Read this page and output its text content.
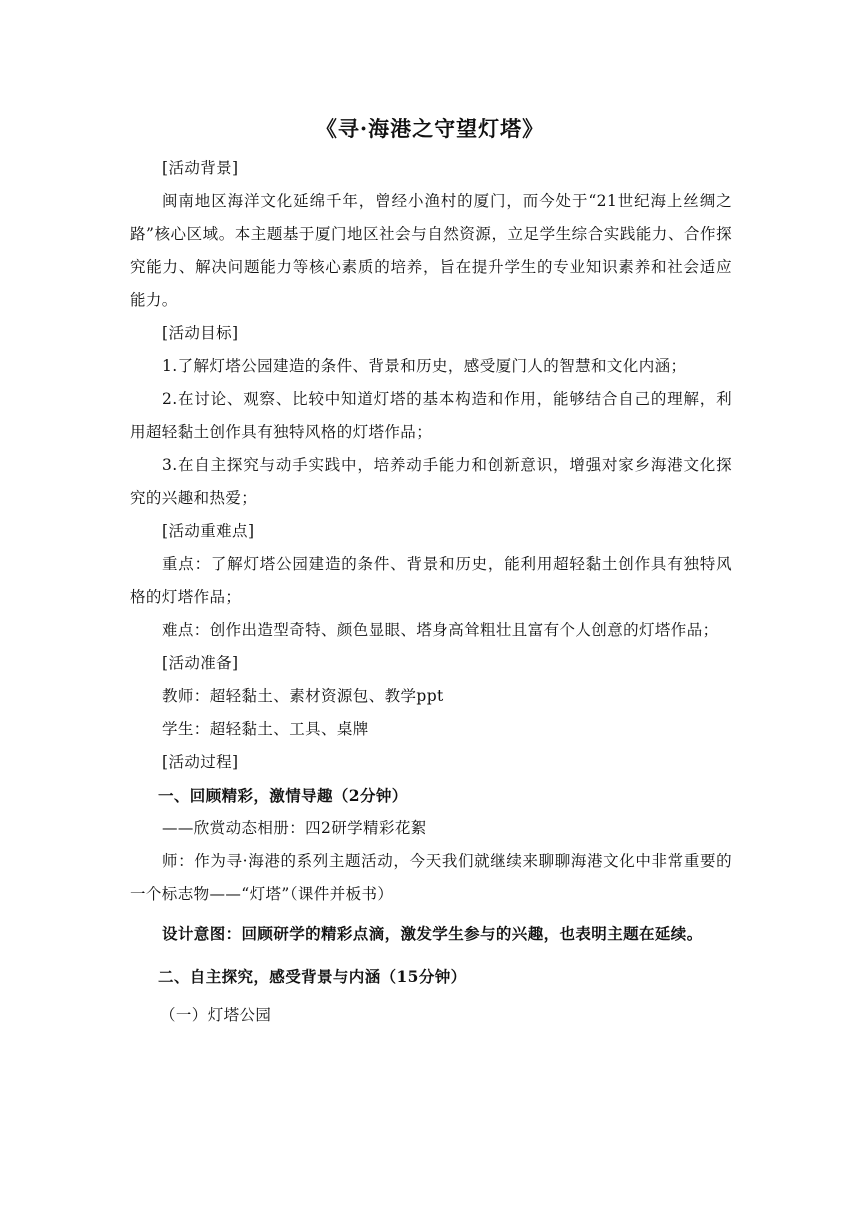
《寻·海港之守望灯塔》

[活动背景]

闽南地区海洋文化延绵千年，曾经小渔村的厦门，而今处于“21世纪海上丝绸之路”核心区域。本主题基于厦门地区社会与自然资源，立足学生综合实践能力、合作探究能力、解决问题能力等核心素质的培养，旨在提升学生的专业知识素养和社会适应能力。

[活动目标]

1.了解灯塔公园建造的条件、背景和历史，感受厦门人的智慧和文化内涵；

2.在讨论、观察、比较中知道灯塔的基本构造和作用，能够结合自己的理解，利用超轻黏土创作具有独特风格的灯塔作品；

3.在自主探究与动手实践中，培养动手能力和创新意识，增强对家乡海港文化探究的兴趣和热爱；

[活动重难点]

重点：了解灯塔公园建造的条件、背景和历史，能利用超轻黏土创作具有独特风格的灯塔作品；

难点：创作出造型奇特、颜色显眼、塔身高耸粗壮且富有个人创意的灯塔作品；

[活动准备]

教师：超轻黏土、素材资源包、教学ppt

学生：超轻黏土、工具、桌牌

[活动过程]

一、回顾精彩，激情导趣（2分钟）

——欣赏动态相册：四2研学精彩花絮

师：作为寻·海港的系列主题活动，今天我们就继续来聊聊海港文化中非常重要的一个标志物——“灯塔”（课件并板书）

设计意图：回顾研学的精彩点滴，激发学生参与的兴趣，也表明主题在延续。

二、自主探究，感受背景与内涵（15分钟）

（一）灯塔公园
